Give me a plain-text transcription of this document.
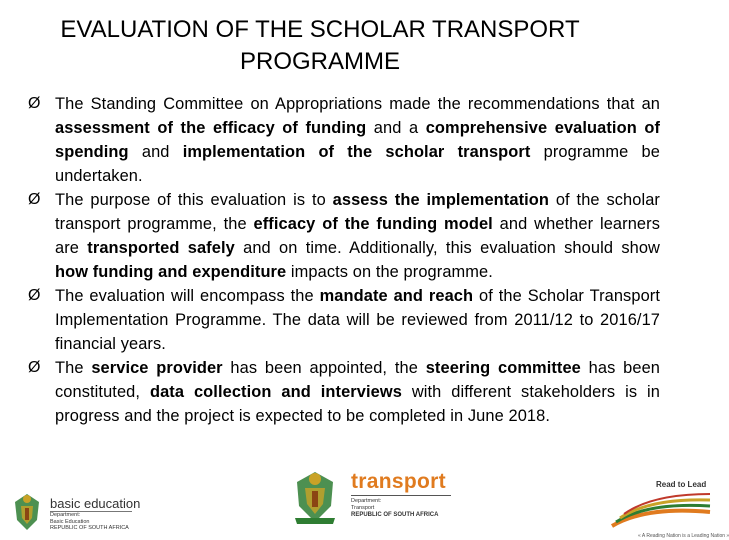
EVALUATION OF THE SCHOLAR TRANSPORT
PROGRAMME
Ø The Standing Committee on Appropriations made the recommendations that an assessment of the efficacy of funding and a comprehensive evaluation of spending and implementation of the scholar transport programme be undertaken.

Ø The purpose of this evaluation is to assess the implementation of the scholar transport programme, the efficacy of the funding model and whether learners are transported safely and on time. Additionally, this evaluation should show how funding and expenditure impacts on the programme.

Ø The evaluation will encompass the mandate and reach of the Scholar Transport Implementation Programme. The data will be reviewed from 2011/12 to 2016/17 financial years.

Ø The service provider has been appointed, the steering committee has been constituted, data collection and interviews with different stakeholders is in progress and the project is expected to be completed in June 2018.

basic education
Department:
Basic Education
REPUBLIC OF SOUTH AFRICA
transport
Department:
Transport
REPUBLIC OF SOUTH AFRICA
Read to Lead
« A Reading Nation is a Leading Nation »
